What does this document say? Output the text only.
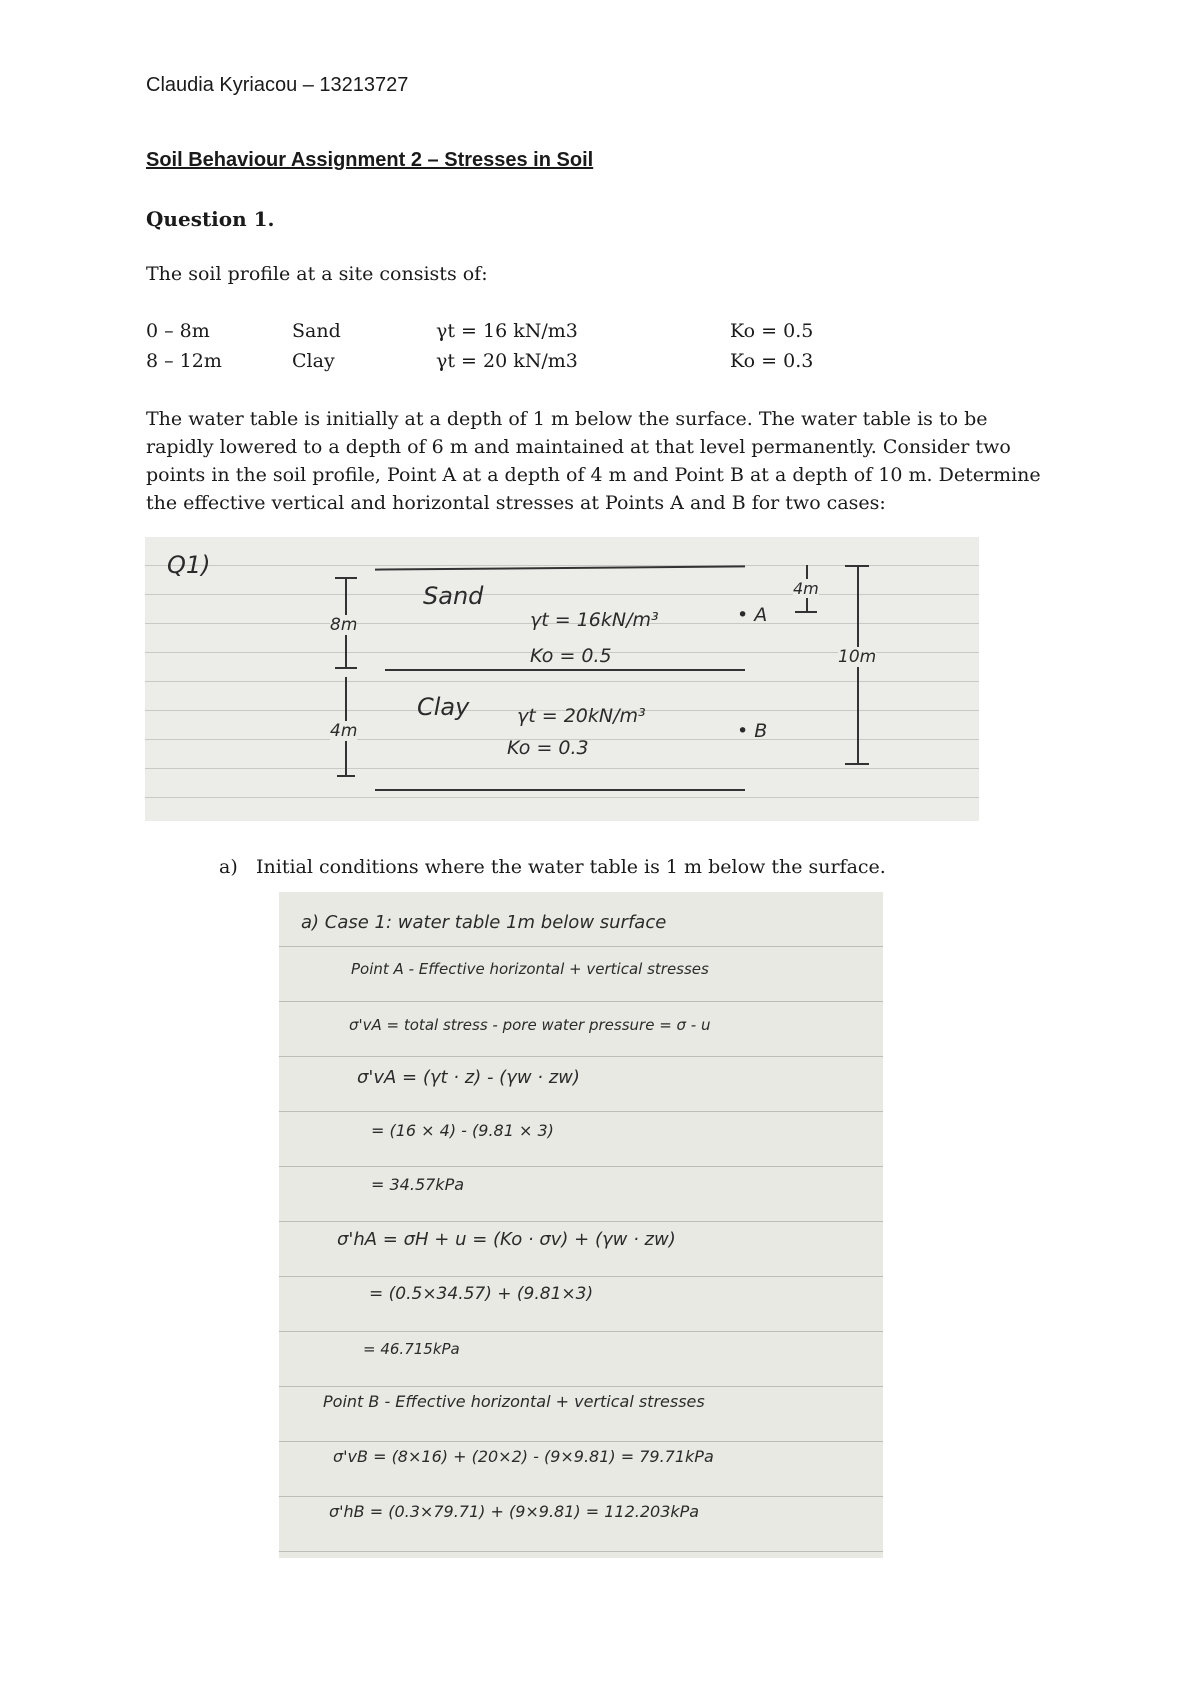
Claudia Kyriacou – 13213727
Soil Behaviour Assignment 2 – Stresses in Soil
Question 1.
The soil profile at a site consists of:
0 – 8m	Sand	γt = 16 kN/m3	Ko = 0.5
8 – 12m	Clay	γt = 20 kN/m3	Ko = 0.3
The water table is initially at a depth of 1 m below the surface. The water table is to be
rapidly lowered to a depth of 6 m and maintained at that level permanently. Consider two
points in the soil profile, Point A at a depth of 4 m and Point B at a depth of 10 m. Determine
the effective vertical and horizontal stresses at Points A and B for two cases:
Q1)
Sand
γt = 16kN/m³
Ko = 0.5
Clay	γt = 20kN/m³
Ko = 0.3
• A
• B
8m
4m
4m
10m
a) Initial conditions where the water table is 1 m below the surface.
a) Case 1: water table 1m below surface
Point A - Effective horizontal + vertical stresses
σ'vA = total stress - pore water pressure = σ - u
σ'vA = (γt · z) - (γw · zw)
= (16 × 4) - (9.81 × 3)
= 34.57kPa
σ'hA = σH + u = (Ko · σv) + (γw · zw)
= (0.5×34.57) + (9.81×3)
= 46.715kPa
Point B - Effective horizontal + vertical stresses
σ'vB = (8×16) + (20×2) - (9×9.81) = 79.71kPa
σ'hB = (0.3×79.71) + (9×9.81) = 112.203kPa
